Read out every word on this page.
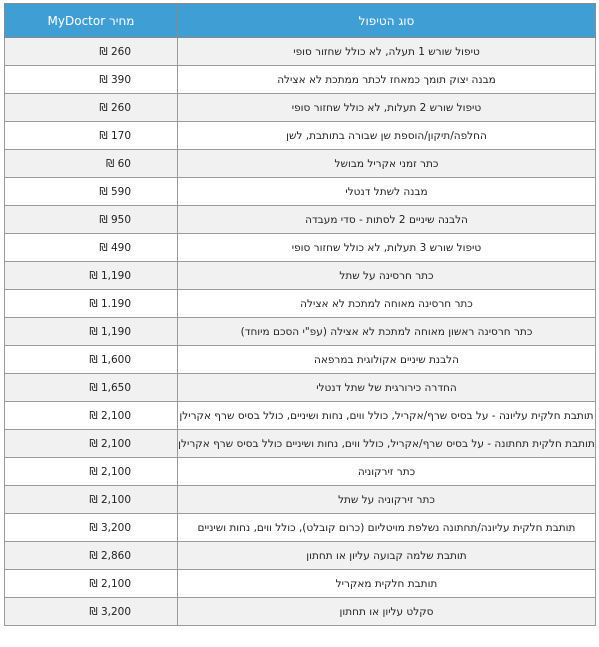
סוג הטיפול	מחיר MyDoctor
טיפול שורש 1 תעלה, לא כולל שחזור סופי	260 ₪
מבנה יצוק תומך כמאחז לכתר ממתכת לא אצילה	390 ₪
טיפול שורש 2 תעלות, לא כולל שחזור סופי	260 ₪
החלפה/תיקון/הוספת שן שבורה בתותבת, לשן	170 ₪
כתר זמני אקריל מבושל	60 ₪
מבנה לשתל דנטלי	590 ₪
הלבנה שיניים 2 לסתות - סדי מעבדה	950 ₪
טיפול שורש 3 תעלות, לא כולל שחזור סופי	490 ₪
כתר חרסינה על שתל	1,190 ₪
כתר חרסינה מאוחה למתכת לא אצילה	1.190 ₪
כתר חרסינה ראשון מאוחה למתכת לא אצילה (עפ"י הסכם מיוחד)	1,190 ₪
הלבנת שיניים אקולוגית במרפאה	1,600 ₪
החדרה כירורגית של שתל דנטלי	1,650 ₪
תותבת חלקית עליונה - על בסיס שרף/אקריל, כולל ווים, נחות ושיניים, כולל בסיס שרף אקרילן	2,100 ₪
תותבת חלקית תחתונה - על בסיס שרף/אקריל, כולל ווים, נחות ושיניים כולל בסיס שרף אקרילן	2,100 ₪
כתר זירקוניה	2,100 ₪
כתר זירקוניה על שתל	2,100 ₪
תותבת חלקית עליונה/תחתונה נשלפת מויטליום (כרום קובלט), כולל ווים, נחות ושיניים	3,200 ₪
תותבת שלמה קבועה עליון או תחתון	2,860 ₪
תותבת חלקית מאקריל	2,100 ₪
סקלט עליון או תחתון	3,200 ₪
